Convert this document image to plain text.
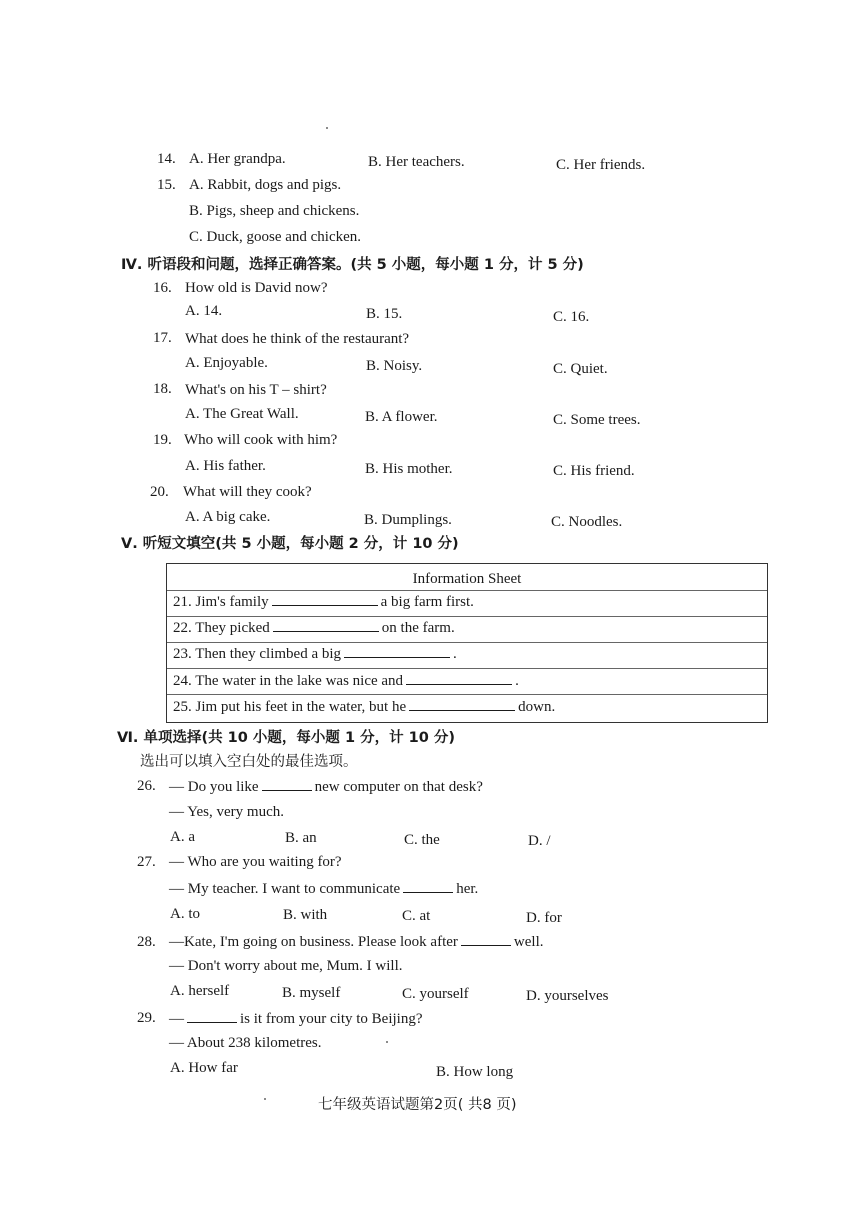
14. A. Her grandpa.	B. Her teachers.	C. Her friends.
15. A. Rabbit, dogs and pigs.
B. Pigs, sheep and chickens.
C. Duck, goose and chicken.
Ⅳ. 听语段和问题，选择正确答案。(共 5 小题，每小题 1 分，计 5 分)
16. How old is David now?
A. 14.	B. 15.	C. 16.
17. What does he think of the restaurant?
A. Enjoyable.	B. Noisy.	C. Quiet.
18. What's on his T – shirt?
A. The Great Wall.	B. A flower.	C. Some trees.
19. Who will cook with him?
A. His father.	B. His mother.	C. His friend.
20. What will they cook?
A. A big cake.	B. Dumplings.	C. Noodles.
Ⅴ. 听短文填空(共 5 小题，每小题 2 分，计 10 分)
Information Sheet
21. Jim's family	a big farm first.
22. They picked	on the farm.
23. Then they climbed a big	.
24. The water in the lake was nice and	.
25. Jim put his feet in the water, but he	down.
Ⅵ. 单项选择(共 10 小题，每小题 1 分，计 10 分)
选出可以填入空白处的最佳选项。
26. — Do you like	new computer on that desk?
— Yes, very much.
A. a	B. an	C. the	D. /
27. — Who are you waiting for?
— My teacher. I want to communicate	her.
A. to	B. with	C. at	D. for
28. —Kate, I'm going on business. Please look after	well.
— Don't worry about me, Mum. I will.
A. herself	B. myself	C. yourself	D. yourselves
29. —	is it from your city to Beijing?
— About 238 kilometres.
A. How far	B. How long
七年级英语试题第2页( 共8 页)
